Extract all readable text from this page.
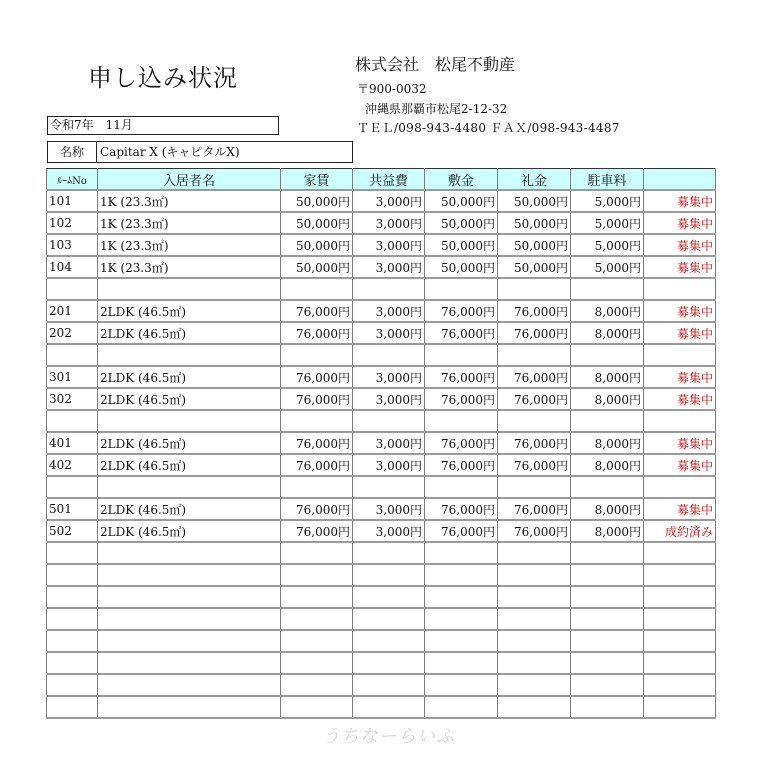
申し込み状況	株式会社　松尾不動産
〒900-0032
沖縄県那覇市松尾2-12-32
ＴＥＬ/098-943-4480 ＦＡＸ/098-943-4487
令和7年　11月
名称	Capitar X (キャピタルX)
ﾙｰﾑNo	入居者名	家賃	共益費	敷金	礼金	駐車料	
101	1K (23.3㎡)	50,000円	3,000円	50,000円	50,000円	5,000円	募集中
102	1K (23.3㎡)	50,000円	3,000円	50,000円	50,000円	5,000円	募集中
103	1K (23.3㎡)	50,000円	3,000円	50,000円	50,000円	5,000円	募集中
104	1K (23.3㎡)	50,000円	3,000円	50,000円	50,000円	5,000円	募集中

201	2LDK (46.5㎡)	76,000円	3,000円	76,000円	76,000円	8,000円	募集中
202	2LDK (46.5㎡)	76,000円	3,000円	76,000円	76,000円	8,000円	募集中

301	2LDK (46.5㎡)	76,000円	3,000円	76,000円	76,000円	8,000円	募集中
302	2LDK (46.5㎡)	76,000円	3,000円	76,000円	76,000円	8,000円	募集中

401	2LDK (46.5㎡)	76,000円	3,000円	76,000円	76,000円	8,000円	募集中
402	2LDK (46.5㎡)	76,000円	3,000円	76,000円	76,000円	8,000円	募集中

501	2LDK (46.5㎡)	76,000円	3,000円	76,000円	76,000円	8,000円	募集中
502	2LDK (46.5㎡)	76,000円	3,000円	76,000円	76,000円	8,000円	成約済み

うちなーらいふ
